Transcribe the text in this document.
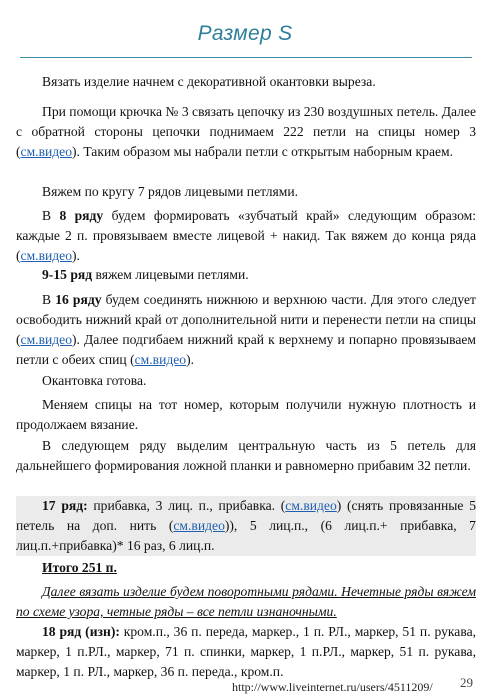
Размер S

Вязать изделие начнем с декоративной окантовки выреза.

При помощи крючка № 3 связать цепочку из 230 воздушных петель. Далее с обратной стороны цепочки поднимаем 222 петли на спицы номер 3 (см.видео). Таким образом мы набрали петли с открытым наборным краем.

Вяжем по кругу 7 рядов лицевыми петлями.

В 8 ряду будем формировать «зубчатый край» следующим образом: каждые 2 п. провязываем вместе лицевой + накид. Так вяжем до конца ряда (см.видео).

9-15 ряд вяжем лицевыми петлями.

В 16 ряду будем соединять нижнюю и верхнюю части. Для этого следует освободить нижний край от дополнительной нити и перенести петли на спицы (см.видео). Далее подгибаем нижний край к верхнему и попарно провязываем петли с обеих спиц (см.видео).

Окантовка готова.

Меняем спицы на тот номер, которым получили нужную плотность и продолжаем вязание.

В следующем ряду выделим центральную часть из 5 петель для дальнейшего формирования ложной планки и равномерно прибавим 32 петли.

17 ряд: прибавка, 3 лиц. п., прибавка. (см.видео) (снять провязанные 5 петель на доп. нить (см.видео)), 5 лиц.п., (6 лиц.п.+ прибавка, 7 лиц.п.+прибавка)* 16 раз, 6 лиц.п.

Итого 251 п.

Далее вязать изделие будем поворотными рядами. Нечетные ряды вяжем по схеме узора, четные ряды – все петли изнаночными.

18 ряд (изн): кром.п., 36 п. переда, маркер., 1 п. РЛ., маркер, 51 п. рукава, маркер, 1 п.РЛ., маркер, 71 п. спинки, маркер, 1 п.РЛ., маркер, 51 п. рукава, маркер, 1 п. РЛ., маркер, 36 п. переда., кром.п.

29
http://www.liveinternet.ru/users/4511209/
